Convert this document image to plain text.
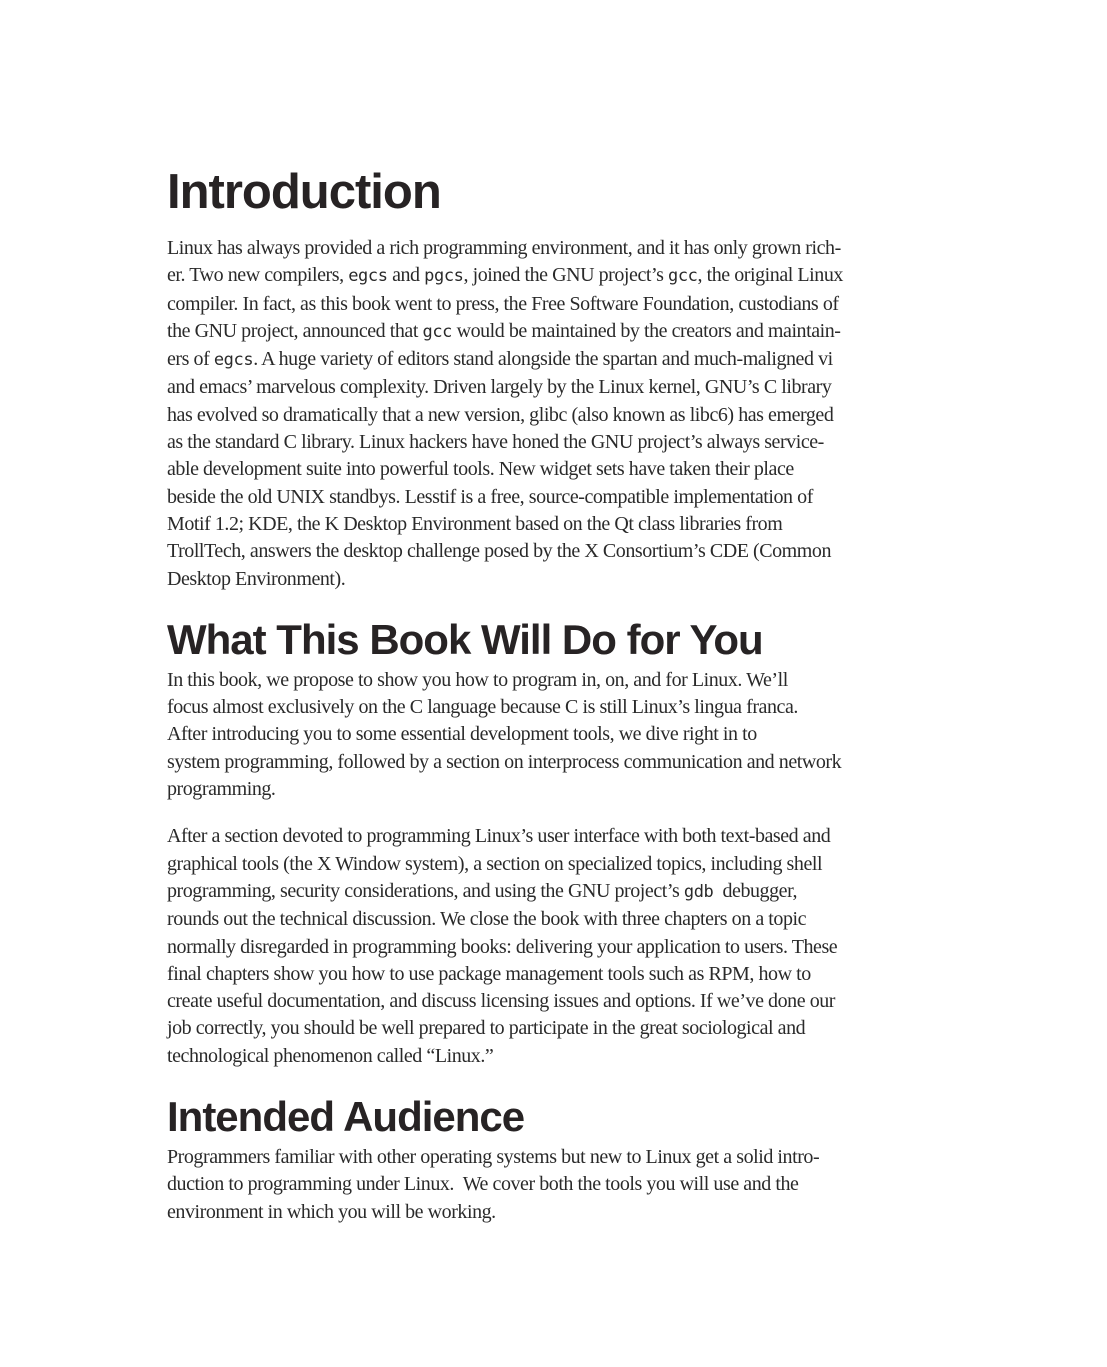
Introduction
Linux has always provided a rich programming environment, and it has only grown rich-
er. Two new compilers, egcs and pgcs, joined the GNU project’s gcc, the original Linux
compiler. In fact, as this book went to press, the Free Software Foundation, custodians of
the GNU project, announced that gcc would be maintained by the creators and maintain-
ers of egcs. A huge variety of editors stand alongside the spartan and much-maligned vi
and emacs’ marvelous complexity. Driven largely by the Linux kernel, GNU’s C library
has evolved so dramatically that a new version, glibc (also known as libc6) has emerged
as the standard C library. Linux hackers have honed the GNU project’s always service-
able development suite into powerful tools. New widget sets have taken their place
beside the old UNIX standbys. Lesstif is a free, source-compatible implementation of
Motif 1.2; KDE, the K Desktop Environment based on the Qt class libraries from
TrollTech, answers the desktop challenge posed by the X Consortium’s CDE (Common
Desktop Environment).
What This Book Will Do for You
In this book, we propose to show you how to program in, on, and for Linux. We’ll
focus almost exclusively on the C language because C is still Linux’s lingua franca.
After introducing you to some essential development tools, we dive right in to
system programming, followed by a section on interprocess communication and network
programming.
After a section devoted to programming Linux’s user interface with both text-based and
graphical tools (the X Window system), a section on specialized topics, including shell
programming, security considerations, and using the GNU project’s gdb  debugger,
rounds out the technical discussion. We close the book with three chapters on a topic
normally disregarded in programming books: delivering your application to users. These
final chapters show you how to use package management tools such as RPM, how to
create useful documentation, and discuss licensing issues and options. If we’ve done our
job correctly, you should be well prepared to participate in the great sociological and
technological phenomenon called “Linux.”
Intended Audience
Programmers familiar with other operating systems but new to Linux get a solid intro-
duction to programming under Linux.  We cover both the tools you will use and the
environment in which you will be working.
